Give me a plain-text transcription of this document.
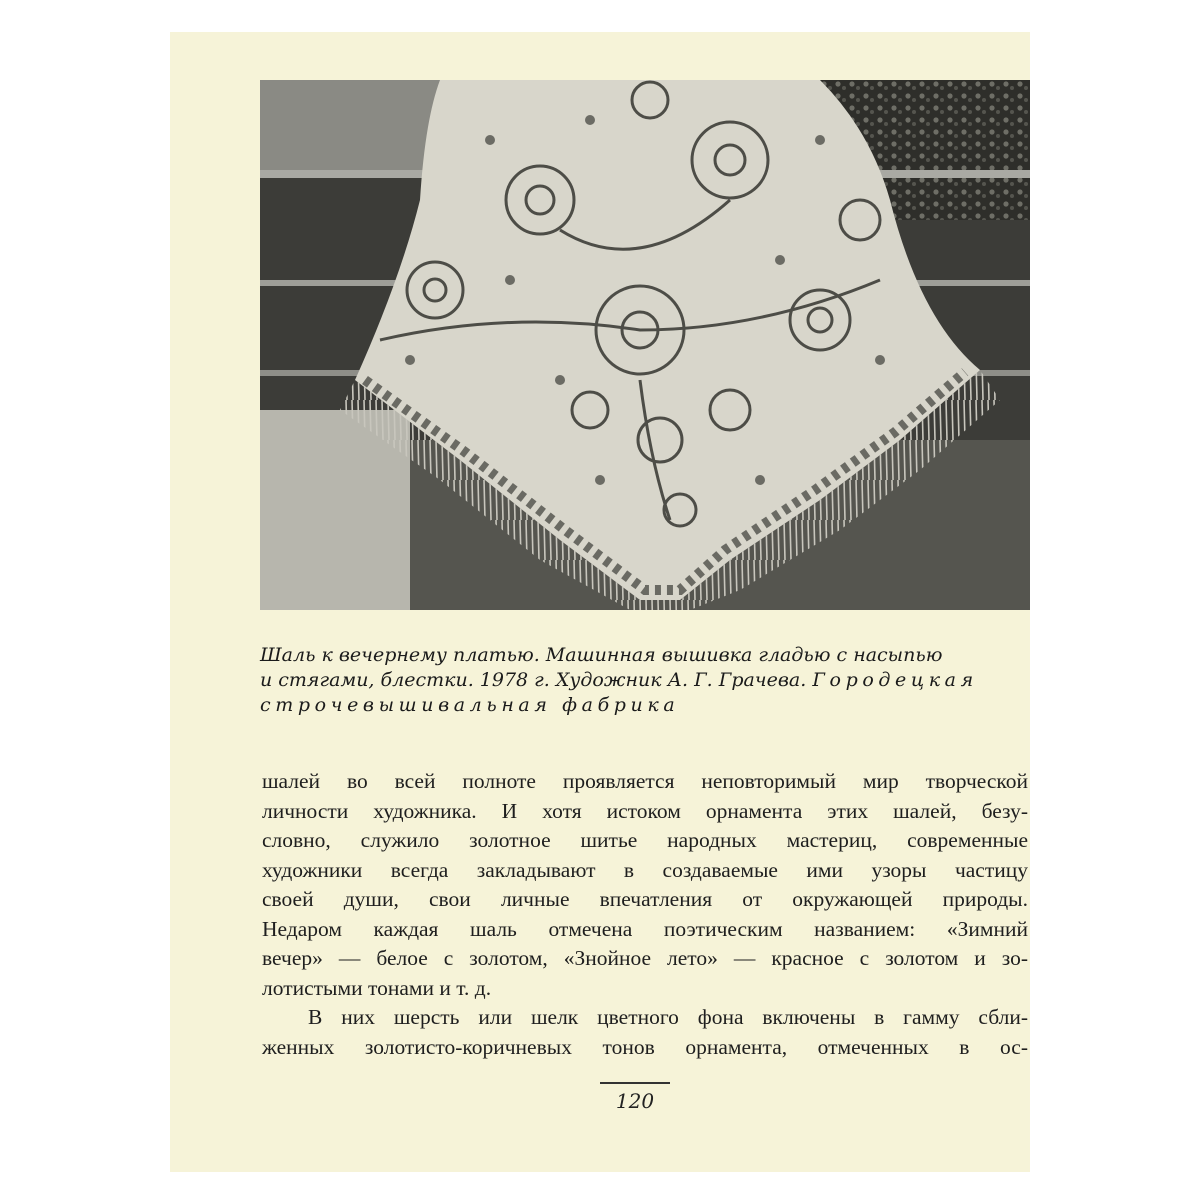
Шаль к вечернему платью. Машинная вышивка гладью с насыпью
и стягами, блестки. 1978 г. Художник А. Г. Грачева. Городецкая
строчевышивальная фабрика

шалей во всей полноте проявляется неповторимый мир творческой

личности художника. И хотя истоком орнамента этих шалей, безу-

словно, служило золотное шитье народных мастериц, современные

художники всегда закладывают в создаваемые ими узоры частицу

своей души, свои личные впечатления от окружающей природы.

Недаром каждая шаль отмечена поэтическим названием: «Зимний

вечер» — белое с золотом, «Знойное лето» — красное с золотом и зо-

лотистыми тонами и т. д.

В них шерсть или шелк цветного фона включены в гамму сбли-

женных золотисто-коричневых тонов орнамента, отмеченных в ос-

120
